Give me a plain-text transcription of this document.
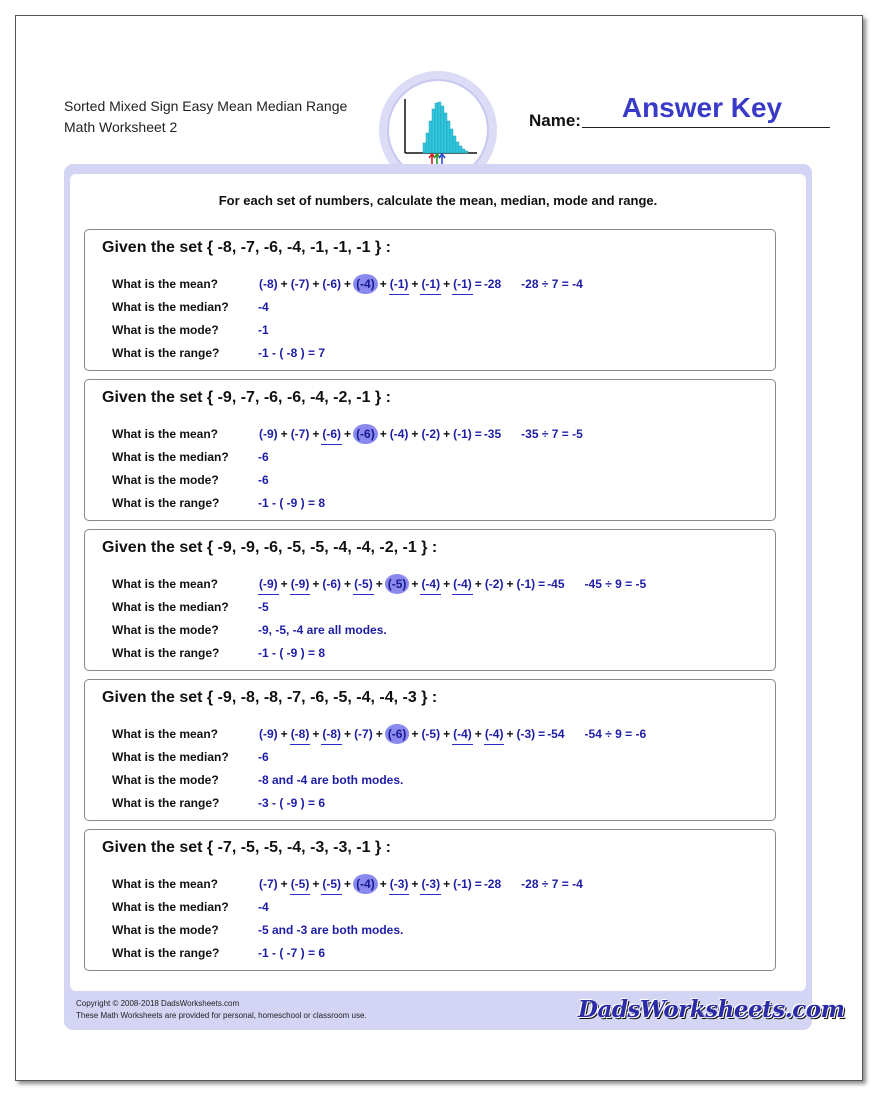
Sorted Mixed Sign Easy Mean Median Range
Math Worksheet 2	Name:	Answer Key
For each set of numbers, calculate the mean, median, mode and range.
Given the set { -8, -7, -6, -4, -1, -1, -1 } :
What is the mean?	(-8) + (-7) + (-6) + (-4) + (-1) + (-1) + (-1) = -28 -28 ÷ 7 = -4
What is the median?	-4
What is the mode?	-1
What is the range?	-1 - ( -8 ) = 7
Given the set { -9, -7, -6, -6, -4, -2, -1 } :
What is the mean?	(-9) + (-7) + (-6) + (-6) + (-4) + (-2) + (-1) = -35 -35 ÷ 7 = -5
What is the median?	-6
What is the mode?	-6
What is the range?	-1 - ( -9 ) = 8
Given the set { -9, -9, -6, -5, -5, -4, -4, -2, -1 } :
What is the mean?	(-9) + (-9) + (-6) + (-5) + (-5) + (-4) + (-4) + (-2) + (-1) = -45 -45 ÷ 9 = -5
What is the median?	-5
What is the mode?	-9, -5, -4 are all modes.
What is the range?	-1 - ( -9 ) = 8
Given the set { -9, -8, -8, -7, -6, -5, -4, -4, -3 } :
What is the mean?	(-9) + (-8) + (-8) + (-7) + (-6) + (-5) + (-4) + (-4) + (-3) = -54 -54 ÷ 9 = -6
What is the median?	-6
What is the mode?	-8 and -4 are both modes.
What is the range?	-3 - ( -9 ) = 6
Given the set { -7, -5, -5, -4, -3, -3, -1 } :
What is the mean?	(-7) + (-5) + (-5) + (-4) + (-3) + (-3) + (-1) = -28 -28 ÷ 7 = -4
What is the median?	-4
What is the mode?	-5 and -3 are both modes.
What is the range?	-1 - ( -7 ) = 6
Copyright © 2008-2018 DadsWorksheets.com
These Math Worksheets are provided for personal, homeschool or classroom use.	DadsWorksheets.com
